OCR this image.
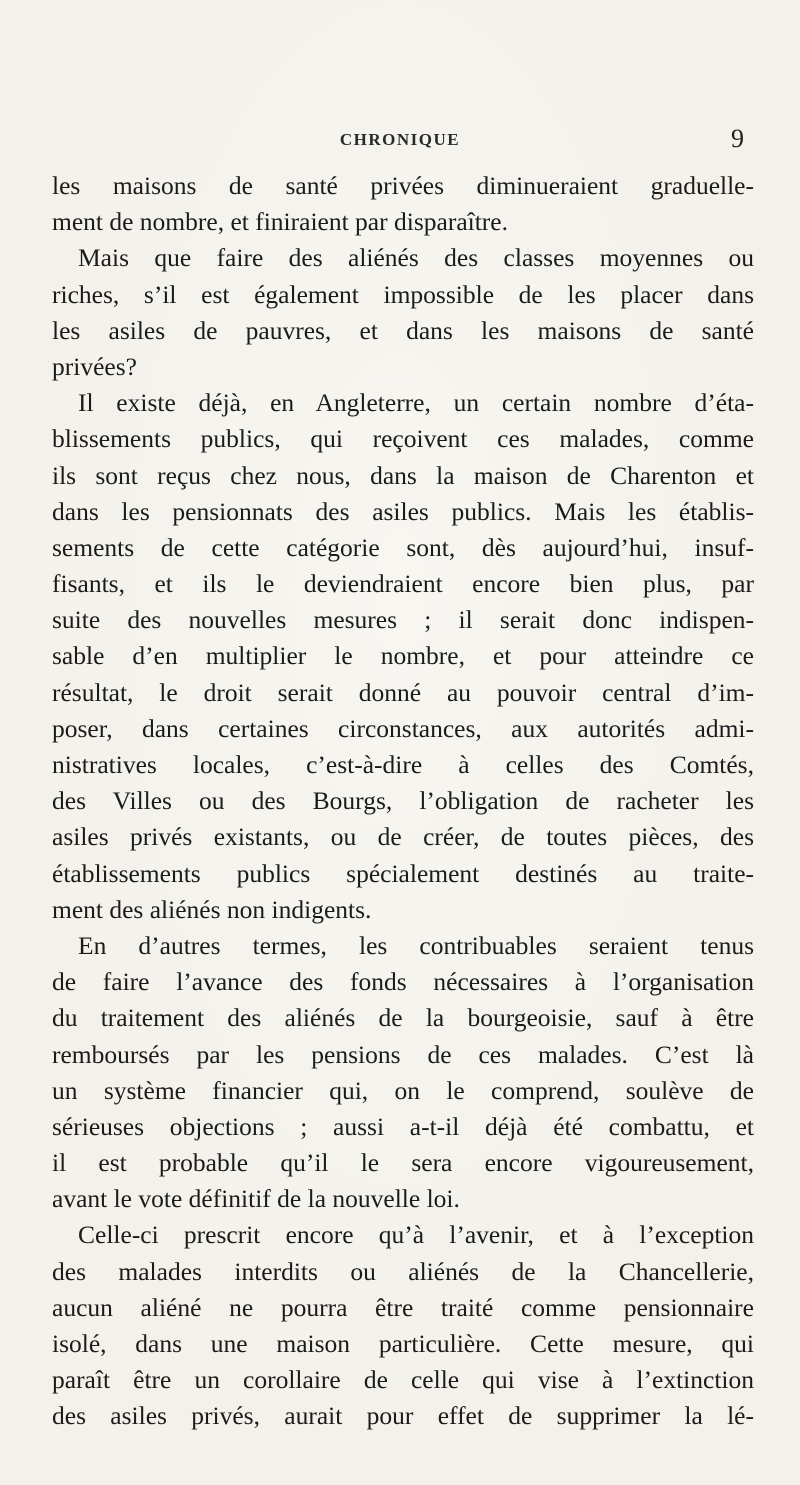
CHRONIQUE	9
les maisons de santé privées diminueraient graduelle-
ment de nombre, et finiraient par disparaître.
Mais que faire des aliénés des classes moyennes ou
riches, s’il est également impossible de les placer dans
les asiles de pauvres, et dans les maisons de santé
privées?
Il existe déjà, en Angleterre, un certain nombre d’éta-
blissements publics, qui reçoivent ces malades, comme
ils sont reçus chez nous, dans la maison de Charenton et
dans les pensionnats des asiles publics. Mais les établis-
sements de cette catégorie sont, dès aujourd’hui, insuf-
fisants, et ils le deviendraient encore bien plus, par
suite des nouvelles mesures ; il serait donc indispen-
sable d’en multiplier le nombre, et pour atteindre ce
résultat, le droit serait donné au pouvoir central d’im-
poser, dans certaines circonstances, aux autorités admi-
nistratives locales, c’est-à-dire à celles des Comtés,
des Villes ou des Bourgs, l’obligation de racheter les
asiles privés existants, ou de créer, de toutes pièces, des
établissements publics spécialement destinés au traite-
ment des aliénés non indigents.
En d’autres termes, les contribuables seraient tenus
de faire l’avance des fonds nécessaires à l’organisation
du traitement des aliénés de la bourgeoisie, sauf à être
remboursés par les pensions de ces malades. C’est là
un système financier qui, on le comprend, soulève de
sérieuses objections ; aussi a-t-il déjà été combattu, et
il est probable qu’il le sera encore vigoureusement,
avant le vote définitif de la nouvelle loi.
Celle-ci prescrit encore qu’à l’avenir, et à l’exception
des malades interdits ou aliénés de la Chancellerie,
aucun aliéné ne pourra être traité comme pensionnaire
isolé, dans une maison particulière. Cette mesure, qui
paraît être un corollaire de celle qui vise à l’extinction
des asiles privés, aurait pour effet de supprimer la lé-
